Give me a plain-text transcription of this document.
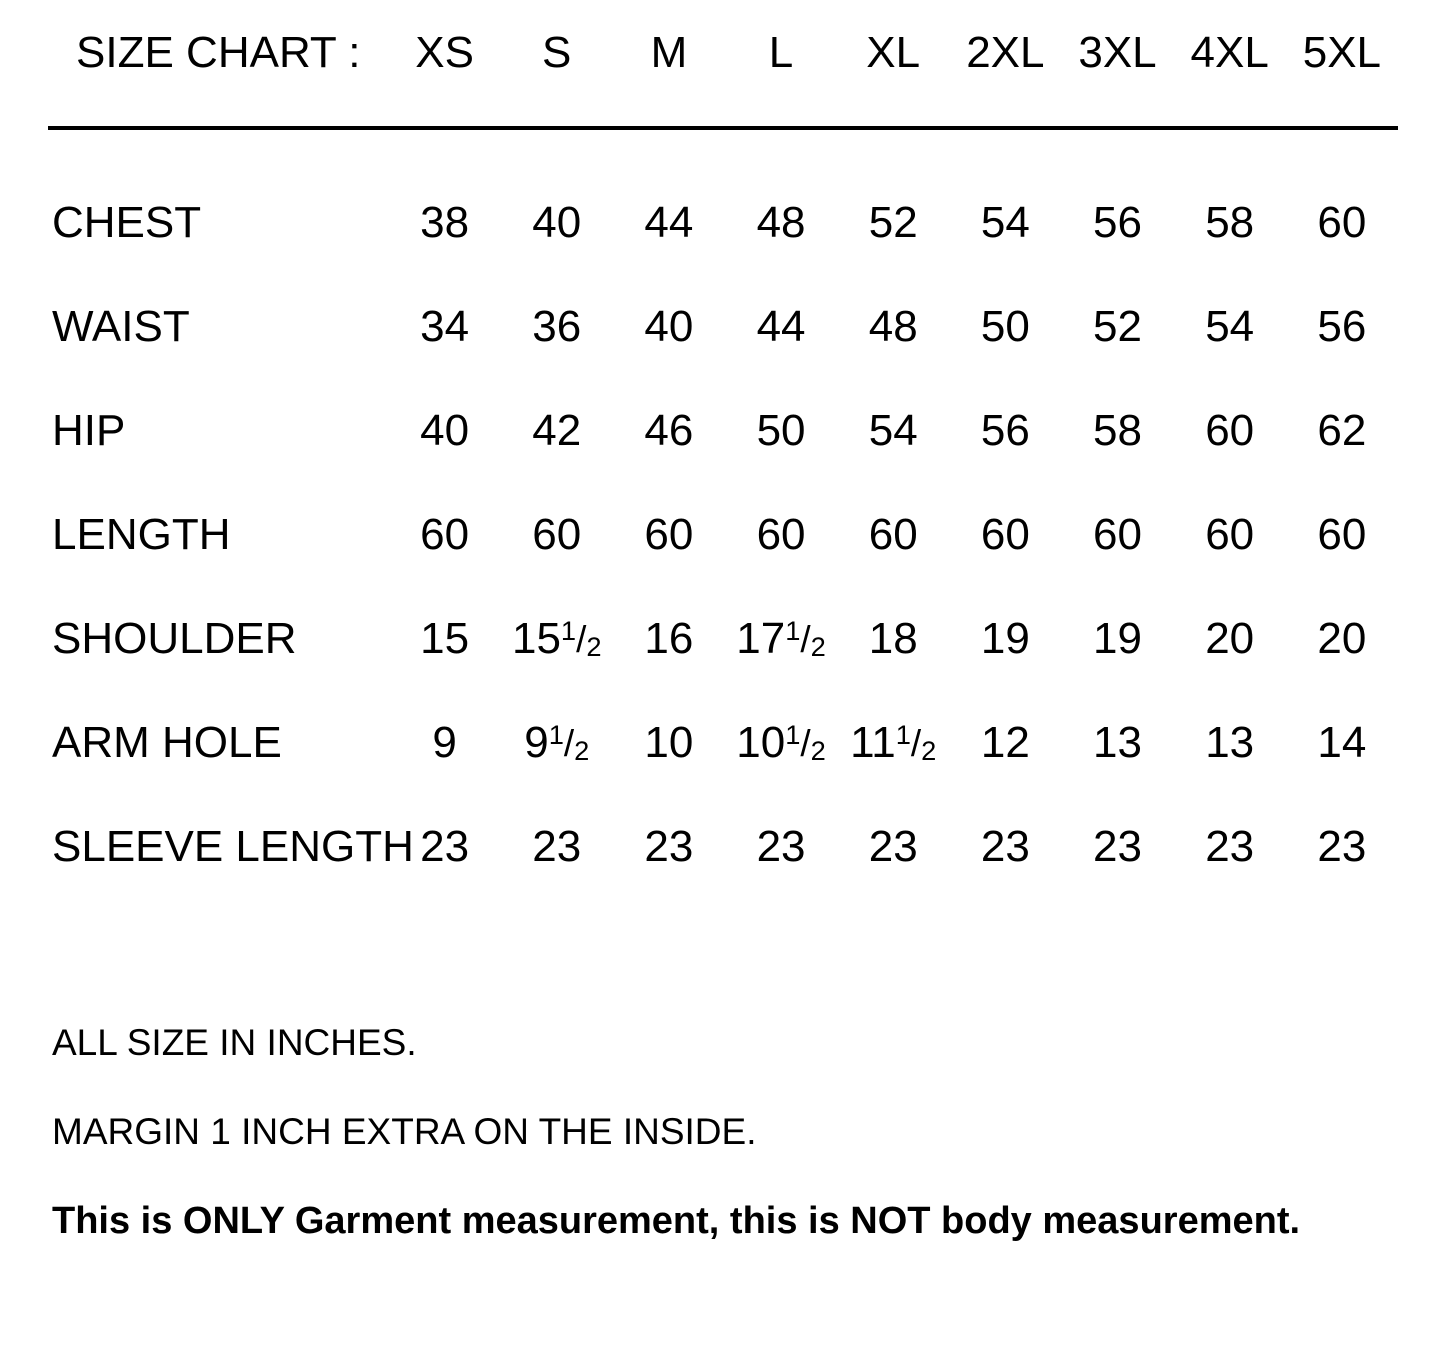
SIZE CHART :	XS	S	M	L	XL	2XL	3XL	4XL	5XL

CHEST	38	40	44	48	52	54	56	58	60
WAIST	34	36	40	44	48	50	52	54	56
HIP	40	42	46	50	54	56	58	60	62
LENGTH	60	60	60	60	60	60	60	60	60
SHOULDER	15	151/2	16	171/2	18	19	19	20	20
ARM HOLE	9	91/2	10	101/2	111/2	12	13	13	14
SLEEVE LENGTH	23	23	23	23	23	23	23	23	23

ALL SIZE IN INCHES.

MARGIN 1 INCH EXTRA ON THE INSIDE.

This is ONLY Garment measurement, this is NOT body measurement.
